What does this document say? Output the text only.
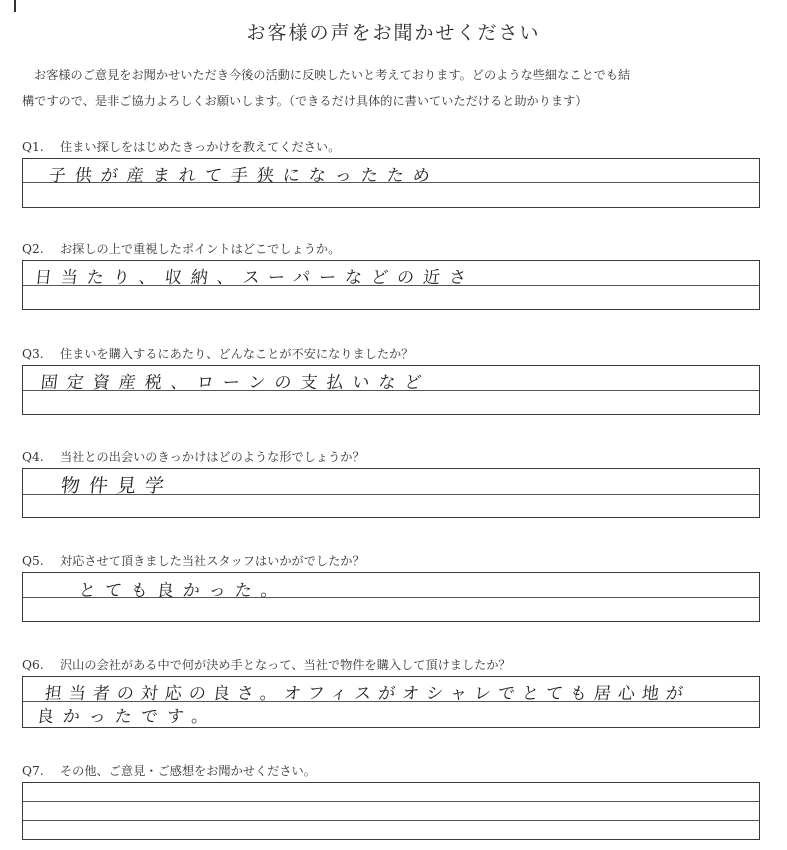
お客様の声をお聞かせください
お客様のご意見をお聞かせいただき今後の活動に反映したいと考えております。どのような些細なことでも結
構ですので、是非ご協力よろしくお願いします。（できるだけ具体的に書いていただけると助かります）
Q1. 住まい探しをはじめたきっかけを教えてください。
子供が産まれて手狭になったため
Q2. お探しの上で重視したポイントはどこでしょうか。
日当たり、収納、スーパーなどの近さ
Q3. 住まいを購入するにあたり、どんなことが不安になりましたか？
固定資産税、ローンの支払いなど
Q4. 当社との出会いのきっかけはどのような形でしょうか？
物件見学
Q5. 対応させて頂きました当社スタッフはいかがでしたか？
とても良かった。
Q6. 沢山の会社がある中で何が決め手となって、当社で物件を購入して頂けましたか？
担当者の対応の良さ。オフィスがオシャレでとても居心地が
良かったです。
Q7. その他、ご意見・ご感想をお聞かせください。
